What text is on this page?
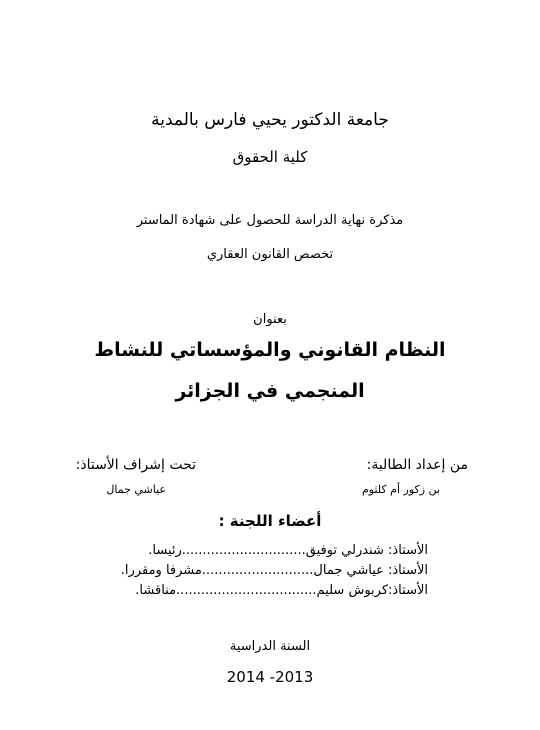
جامعة الدكتور يحيي فارس بالمدية
كلية الحقوق
مذكرة نهاية الدراسة للحصول على شهادة الماستر
تخصص القانون العقاري
بعنوان
النظام القانوني والمؤسساتي للنشاط
المنجمي في الجزائر
من إعداد الطالبة:
بن زكور أم كلثوم
تحت إشراف الأستاذ:
عياشي جمال
أعضاء اللجنة :
الأستاذ: شندرلي توفيق..............................رئيسا.
الأستاذ: عياشي جمال...........................مشرفا ومقررا.
الأستاذ:كربوش سليم..................................مناقشا.
السنة الدراسية
2014 -2013
